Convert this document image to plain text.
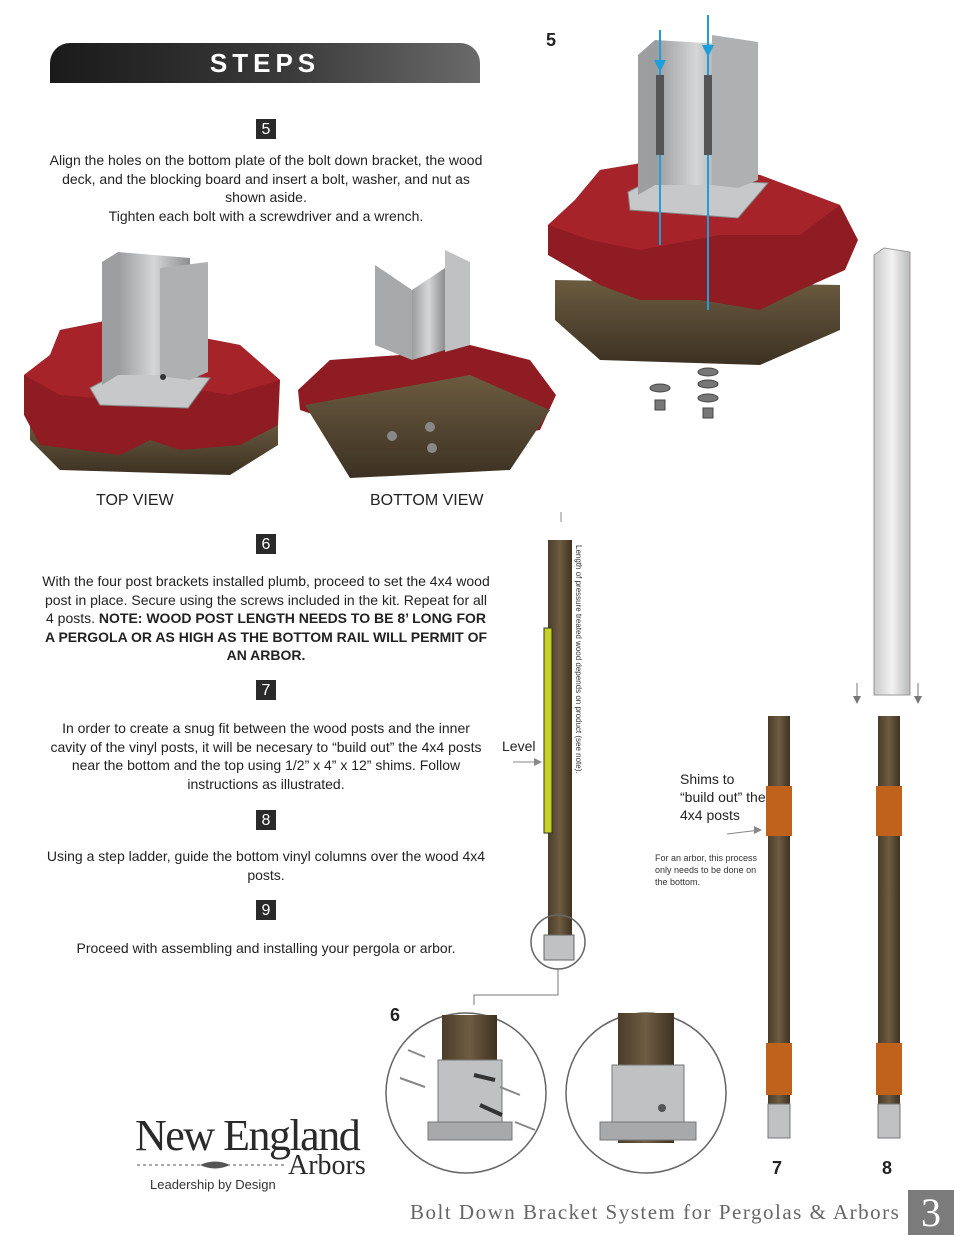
STEPS
5
Align the holes on the bottom plate of the bolt down bracket, the wood deck, and the blocking board and insert a bolt, washer, and nut as shown aside.
Tighten each bolt with a screwdriver and a wrench.
TOP VIEW	BOTTOM VIEW
6
With the four post brackets installed plumb, proceed to set the 4x4 wood post in place. Secure using the screws included in the kit. Repeat for all 4 posts. NOTE: WOOD POST LENGTH NEEDS TO BE 8’ LONG FOR A PERGOLA OR AS HIGH AS THE BOTTOM RAIL WILL PERMIT OF AN ARBOR.
7
In order to create a snug fit between the wood posts and the inner cavity of the vinyl posts, it will be necesary to “build out” the 4x4 posts near the bottom and the top using 1/2” x 4” x 12” shims. Follow instructions as illustrated.
8
Using a step ladder, guide the bottom vinyl columns over the wood 4x4 posts.
9
Proceed with assembling and installing your pergola or arbor.
5
6
7	8
Level	Length of pressure treated wood depends on product (see note).
Shims to “build out” the 4x4 posts
For an arbor, this process only needs to be done on the bottom.
New England
Arbors
Leadership by Design
Bolt Down Bracket System for Pergolas & Arbors 3
